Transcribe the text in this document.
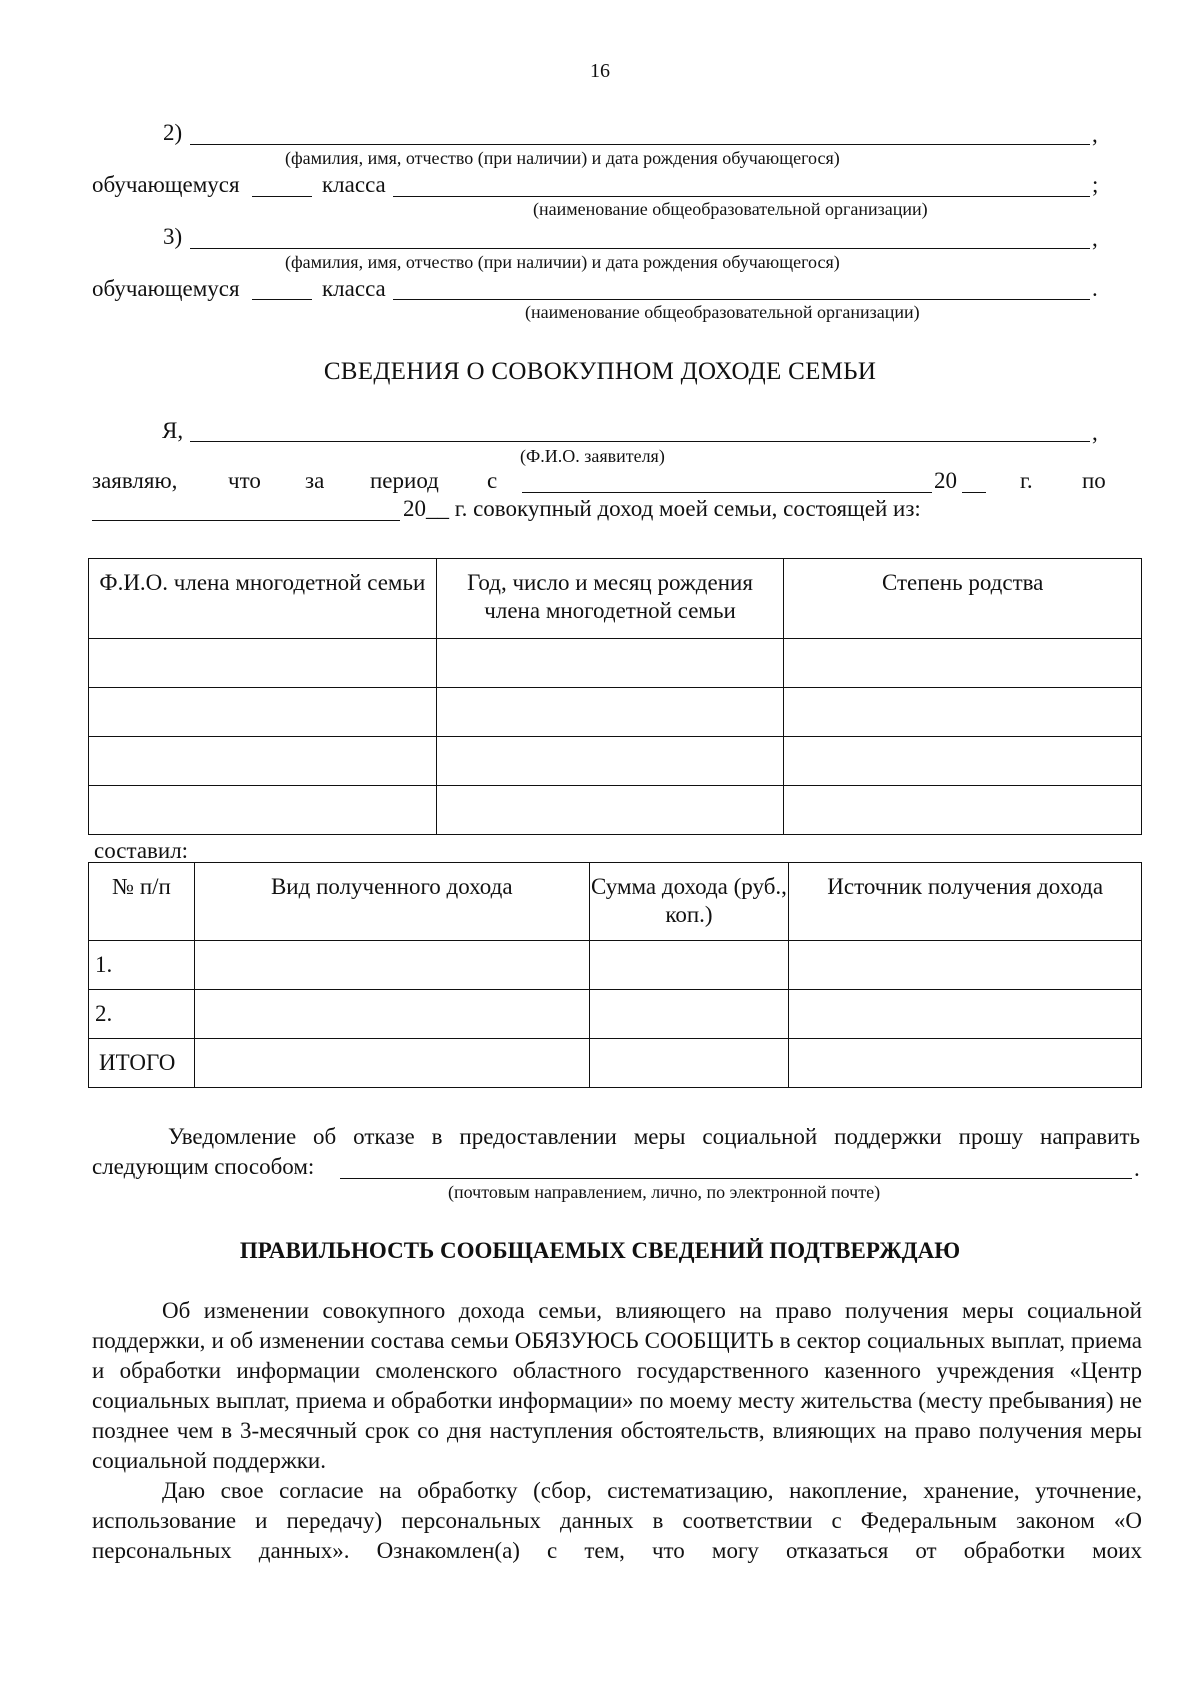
16
2)	,
(фамилия, имя, отчество (при наличии) и дата рождения обучающегося)
обучающемуся	класса	;
(наименование общеобразовательной организации)
3)	,
(фамилия, имя, отчество (при наличии) и дата рождения обучающегося)
обучающемуся	класса	.
(наименование общеобразовательной организации)
СВЕДЕНИЯ О СОВОКУПНОМ ДОХОДЕ СЕМЬИ
Я,	,
(Ф.И.О. заявителя)
заявляю, что за период с	20	г. по
20__ г. совокупный доход моей семьи, состоящей из:
Ф.И.О. члена многодетной семьи	Год, число и месяц рождения члена многодетной семьи	Степень родства

составил:
№ п/п	Вид полученного дохода	Сумма дохода (руб., коп.)	Источник получения дохода
1.			
2.			
ИТОГО			
Уведомление об отказе в предоставлении меры социальной поддержки прошу направить
следующим способом:	.
(почтовым направлением, лично, по электронной почте)
ПРАВИЛЬНОСТЬ СООБЩАЕМЫХ СВЕДЕНИЙ ПОДТВЕРЖДАЮ
Об изменении совокупного дохода семьи, влияющего на право получения меры социальной поддержки, и об изменении состава семьи ОБЯЗУЮСЬ СООБЩИТЬ в сектор социальных выплат, приема и обработки информации смоленского областного государственного казенного учреждения «Центр социальных выплат, приема и обработки информации» по моему месту жительства (месту пребывания) не позднее чем в 3-месячный срок со дня наступления обстоятельств, влияющих на право получения меры социальной поддержки.
Даю свое согласие на обработку (сбор, систематизацию, накопление, хранение, уточнение, использование и передачу) персональных данных в соответствии с Федеральным законом «О персональных данных». Ознакомлен(а) с тем, что могу отказаться от обработки моих
